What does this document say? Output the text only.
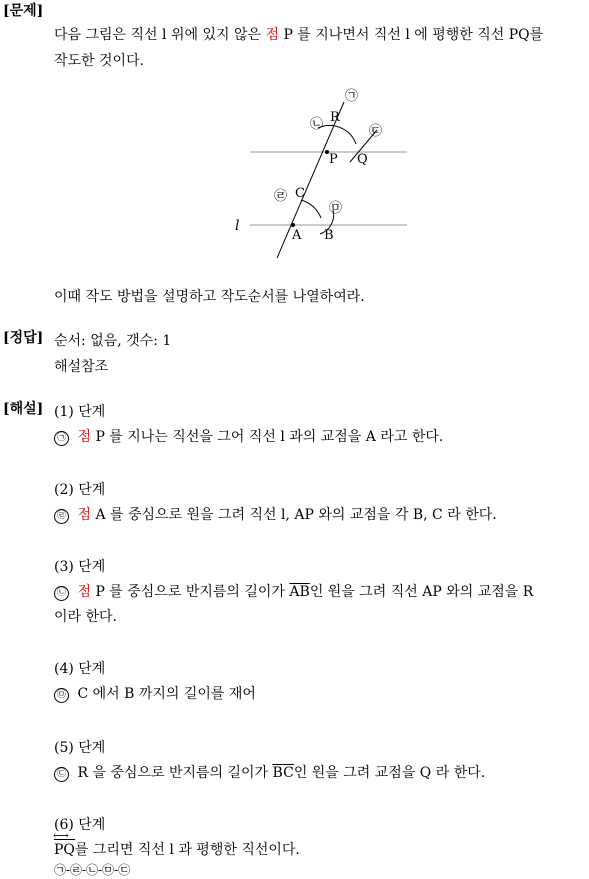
[문제]
[정답]
[해설]
다음 그림은 직선 l 위에 있지 않은 점 P 를 지나면서 직선 l 에 평행한 직선 PQ를
작도한 것이다.
R
P Q
C
A B
l
㉠
㉡	㉢
㉣
㉤
이때 작도 방법을 설명하고 작도순서를 나열하여라.
순서: 없음, 갯수: 1
해설참조
(1) 단계
㉠ 점 P 를 지나는 직선을 그어 직선 l 과의 교점을 A 라고 한다.
(2) 단계
㉣ 점 A 를 중심으로 원을 그려 직선 l, AP 와의 교점을 각 B, C 라 한다.
(3) 단계
㉡ 점 P 를 중심으로 반지름의 길이가 $\overline{AB}$인 원을 그려 직선 AP 와의 교점을 R
이라 한다.
(4) 단계
㉤ C 에서 B 까지의 길이를 재어
(5) 단계
㉢ R 을 중심으로 반지름의 길이가 $\overline{BC}$인 원을 그려 교점을 Q 라 한다.
(6) 단계
PQ ⟷를 그리면 직선 l 과 평행한 직선이다.
㉠-㉣-㉡-㉤-㉢
